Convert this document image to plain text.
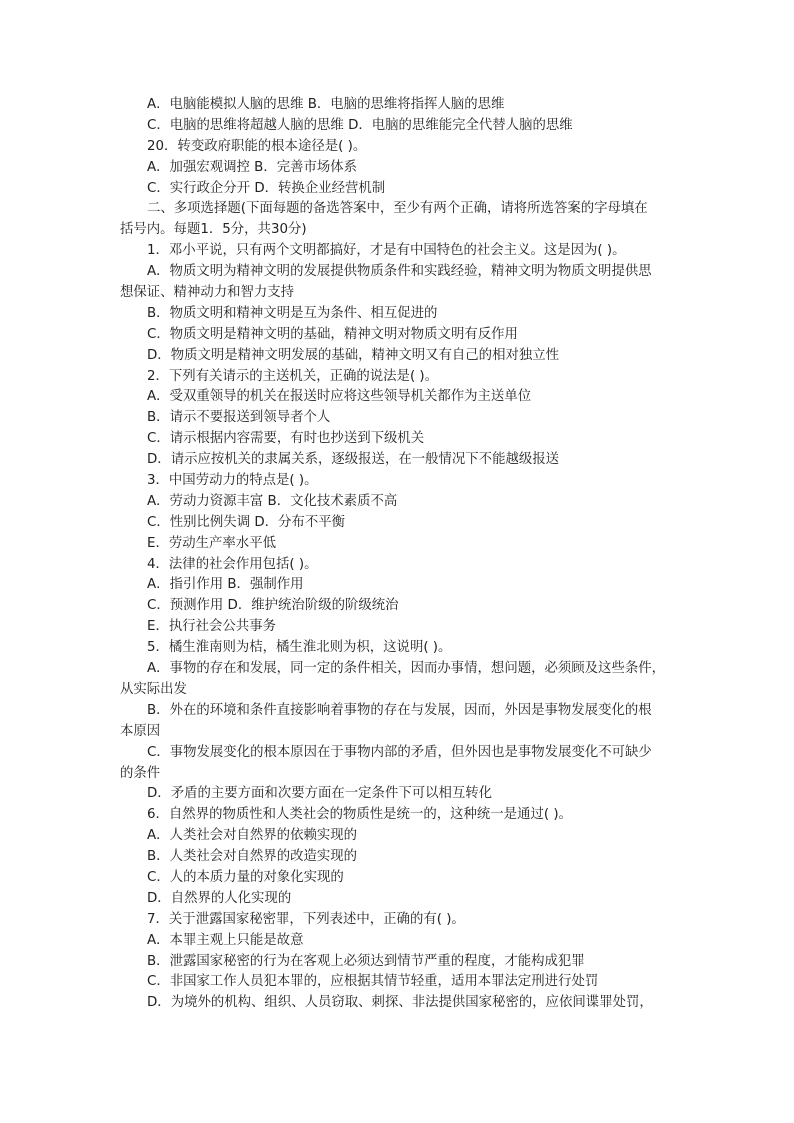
A．电脑能模拟人脑的思维 B．电脑的思维将指挥人脑的思维
C．电脑的思维将超越人脑的思维 D．电脑的思维能完全代替人脑的思维
20．转变政府职能的根本途径是( )。
A．加强宏观调控 B．完善市场体系
C．实行政企分开 D．转换企业经营机制
二、多项选择题(下面每题的备选答案中，至少有两个正确，请将所选答案的字母填在
括号内。每题1．5分，共30分)
1．邓小平说，只有两个文明都搞好，才是有中国特色的社会主义。这是因为( )。
A．物质文明为精神文明的发展提供物质条件和实践经验，精神文明为物质文明提供思
想保证、精神动力和智力支持
B．物质文明和精神文明是互为条件、相互促进的
C．物质文明是精神文明的基础，精神文明对物质文明有反作用
D．物质文明是精神文明发展的基础，精神文明又有自己的相对独立性
2．下列有关请示的主送机关，正确的说法是( )。
A．受双重领导的机关在报送时应将这些领导机关都作为主送单位
B．请示不要报送到领导者个人
C．请示根据内容需要，有时也抄送到下级机关
D．请示应按机关的隶属关系，逐级报送，在一般情况下不能越级报送
3．中国劳动力的特点是( )。
A．劳动力资源丰富 B．文化技术素质不高
C．性别比例失调 D．分布不平衡
E．劳动生产率水平低
4．法律的社会作用包括( )。
A．指引作用 B．强制作用
C．预测作用 D．维护统治阶级的阶级统治
E．执行社会公共事务
5．橘生淮南则为桔，橘生淮北则为枳，这说明( )。
A．事物的存在和发展，同一定的条件相关，因而办事情，想问题，必须顾及这些条件，
从实际出发
B．外在的环境和条件直接影响着事物的存在与发展，因而，外因是事物发展变化的根
本原因
C．事物发展变化的根本原因在于事物内部的矛盾，但外因也是事物发展变化不可缺少
的条件
D．矛盾的主要方面和次要方面在一定条件下可以相互转化
6．自然界的物质性和人类社会的物质性是统一的，这种统一是通过( )。
A．人类社会对自然界的依赖实现的
B．人类社会对自然界的改造实现的
C．人的本质力量的对象化实现的
D．自然界的人化实现的
7．关于泄露国家秘密罪，下列表述中，正确的有( )。
A．本罪主观上只能是故意
B．泄露国家秘密的行为在客观上必须达到情节严重的程度，才能构成犯罪
C．非国家工作人员犯本罪的，应根据其情节轻重，适用本罪法定刑进行处罚
D．为境外的机构、组织、人员窃取、刺探、非法提供国家秘密的，应依间谍罪处罚，
